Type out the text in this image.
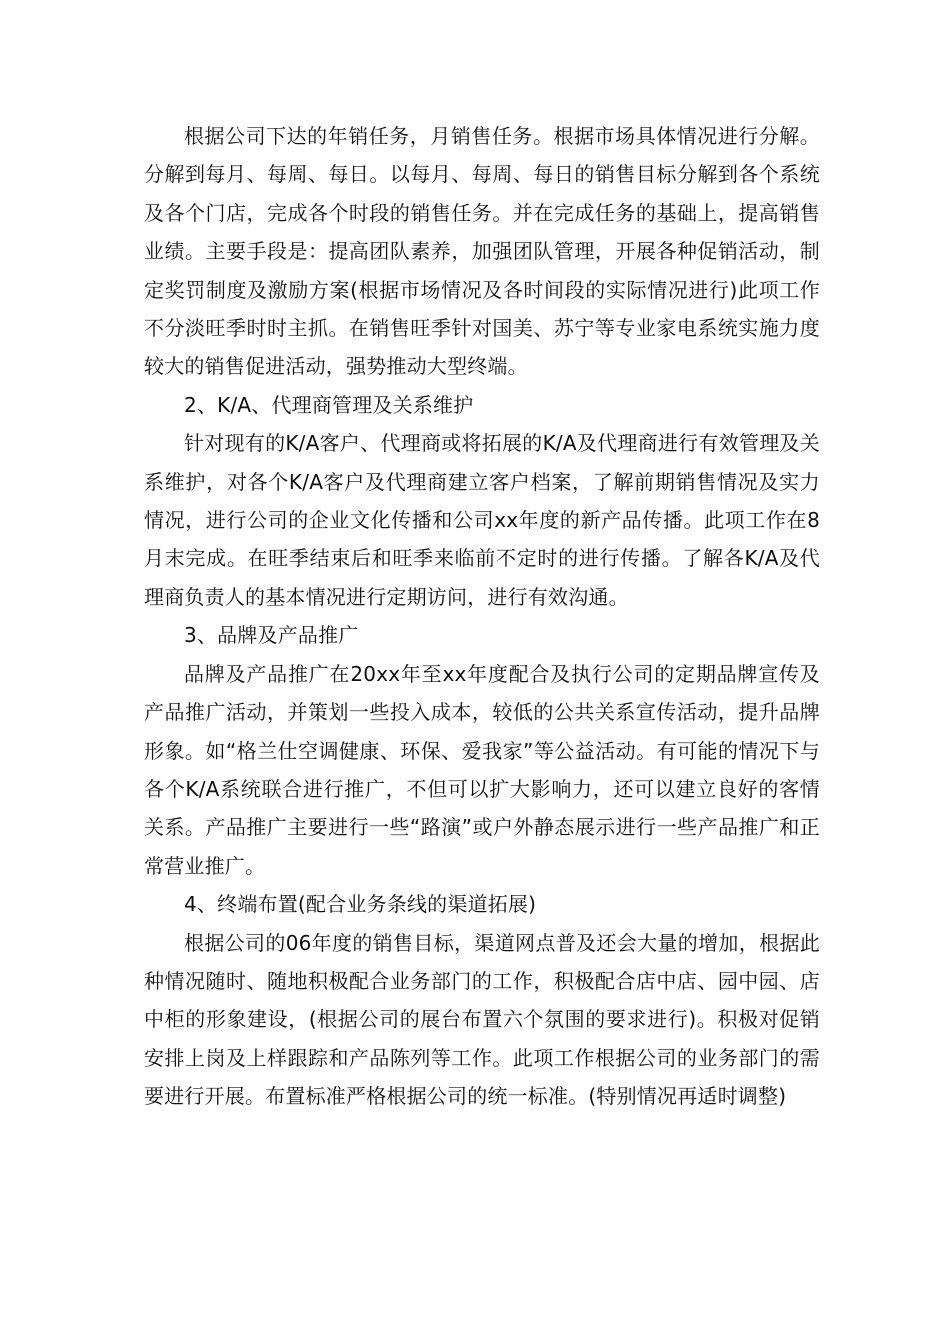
根据公司下达的年销任务，月销售任务。根据市场具体情况进行分解。分解到每月、每周、每日。以每月、每周、每日的销售目标分解到各个系统及各个门店，完成各个时段的销售任务。并在完成任务的基础上，提高销售业绩。主要手段是：提高团队素养，加强团队管理，开展各种促销活动，制定奖罚制度及激励方案(根据市场情况及各时间段的实际情况进行)此项工作不分淡旺季时时主抓。在销售旺季针对国美、苏宁等专业家电系统实施力度较大的销售促进活动，强势推动大型终端。

2、K/A、代理商管理及关系维护

针对现有的K/A客户、代理商或将拓展的K/A及代理商进行有效管理及关系维护，对各个K/A客户及代理商建立客户档案，了解前期销售情况及实力情况，进行公司的企业文化传播和公司xx年度的新产品传播。此项工作在8月末完成。在旺季结束后和旺季来临前不定时的进行传播。了解各K/A及代理商负责人的基本情况进行定期访问，进行有效沟通。

3、品牌及产品推广

品牌及产品推广在20xx年至xx年度配合及执行公司的定期品牌宣传及产品推广活动，并策划一些投入成本，较低的公共关系宣传活动，提升品牌形象。如“格兰仕空调健康、环保、爱我家”等公益活动。有可能的情况下与各个K/A系统联合进行推广，不但可以扩大影响力，还可以建立良好的客情关系。产品推广主要进行一些“路演”或户外静态展示进行一些产品推广和正常营业推广。

4、终端布置(配合业务条线的渠道拓展)

根据公司的06年度的销售目标，渠道网点普及还会大量的增加，根据此种情况随时、随地积极配合业务部门的工作，积极配合店中店、园中园、店中柜的形象建设，(根据公司的展台布置六个氛围的要求进行)。积极对促销安排上岗及上样跟踪和产品陈列等工作。此项工作根据公司的业务部门的需要进行开展。布置标准严格根据公司的统一标准。(特别情况再适时调整)
